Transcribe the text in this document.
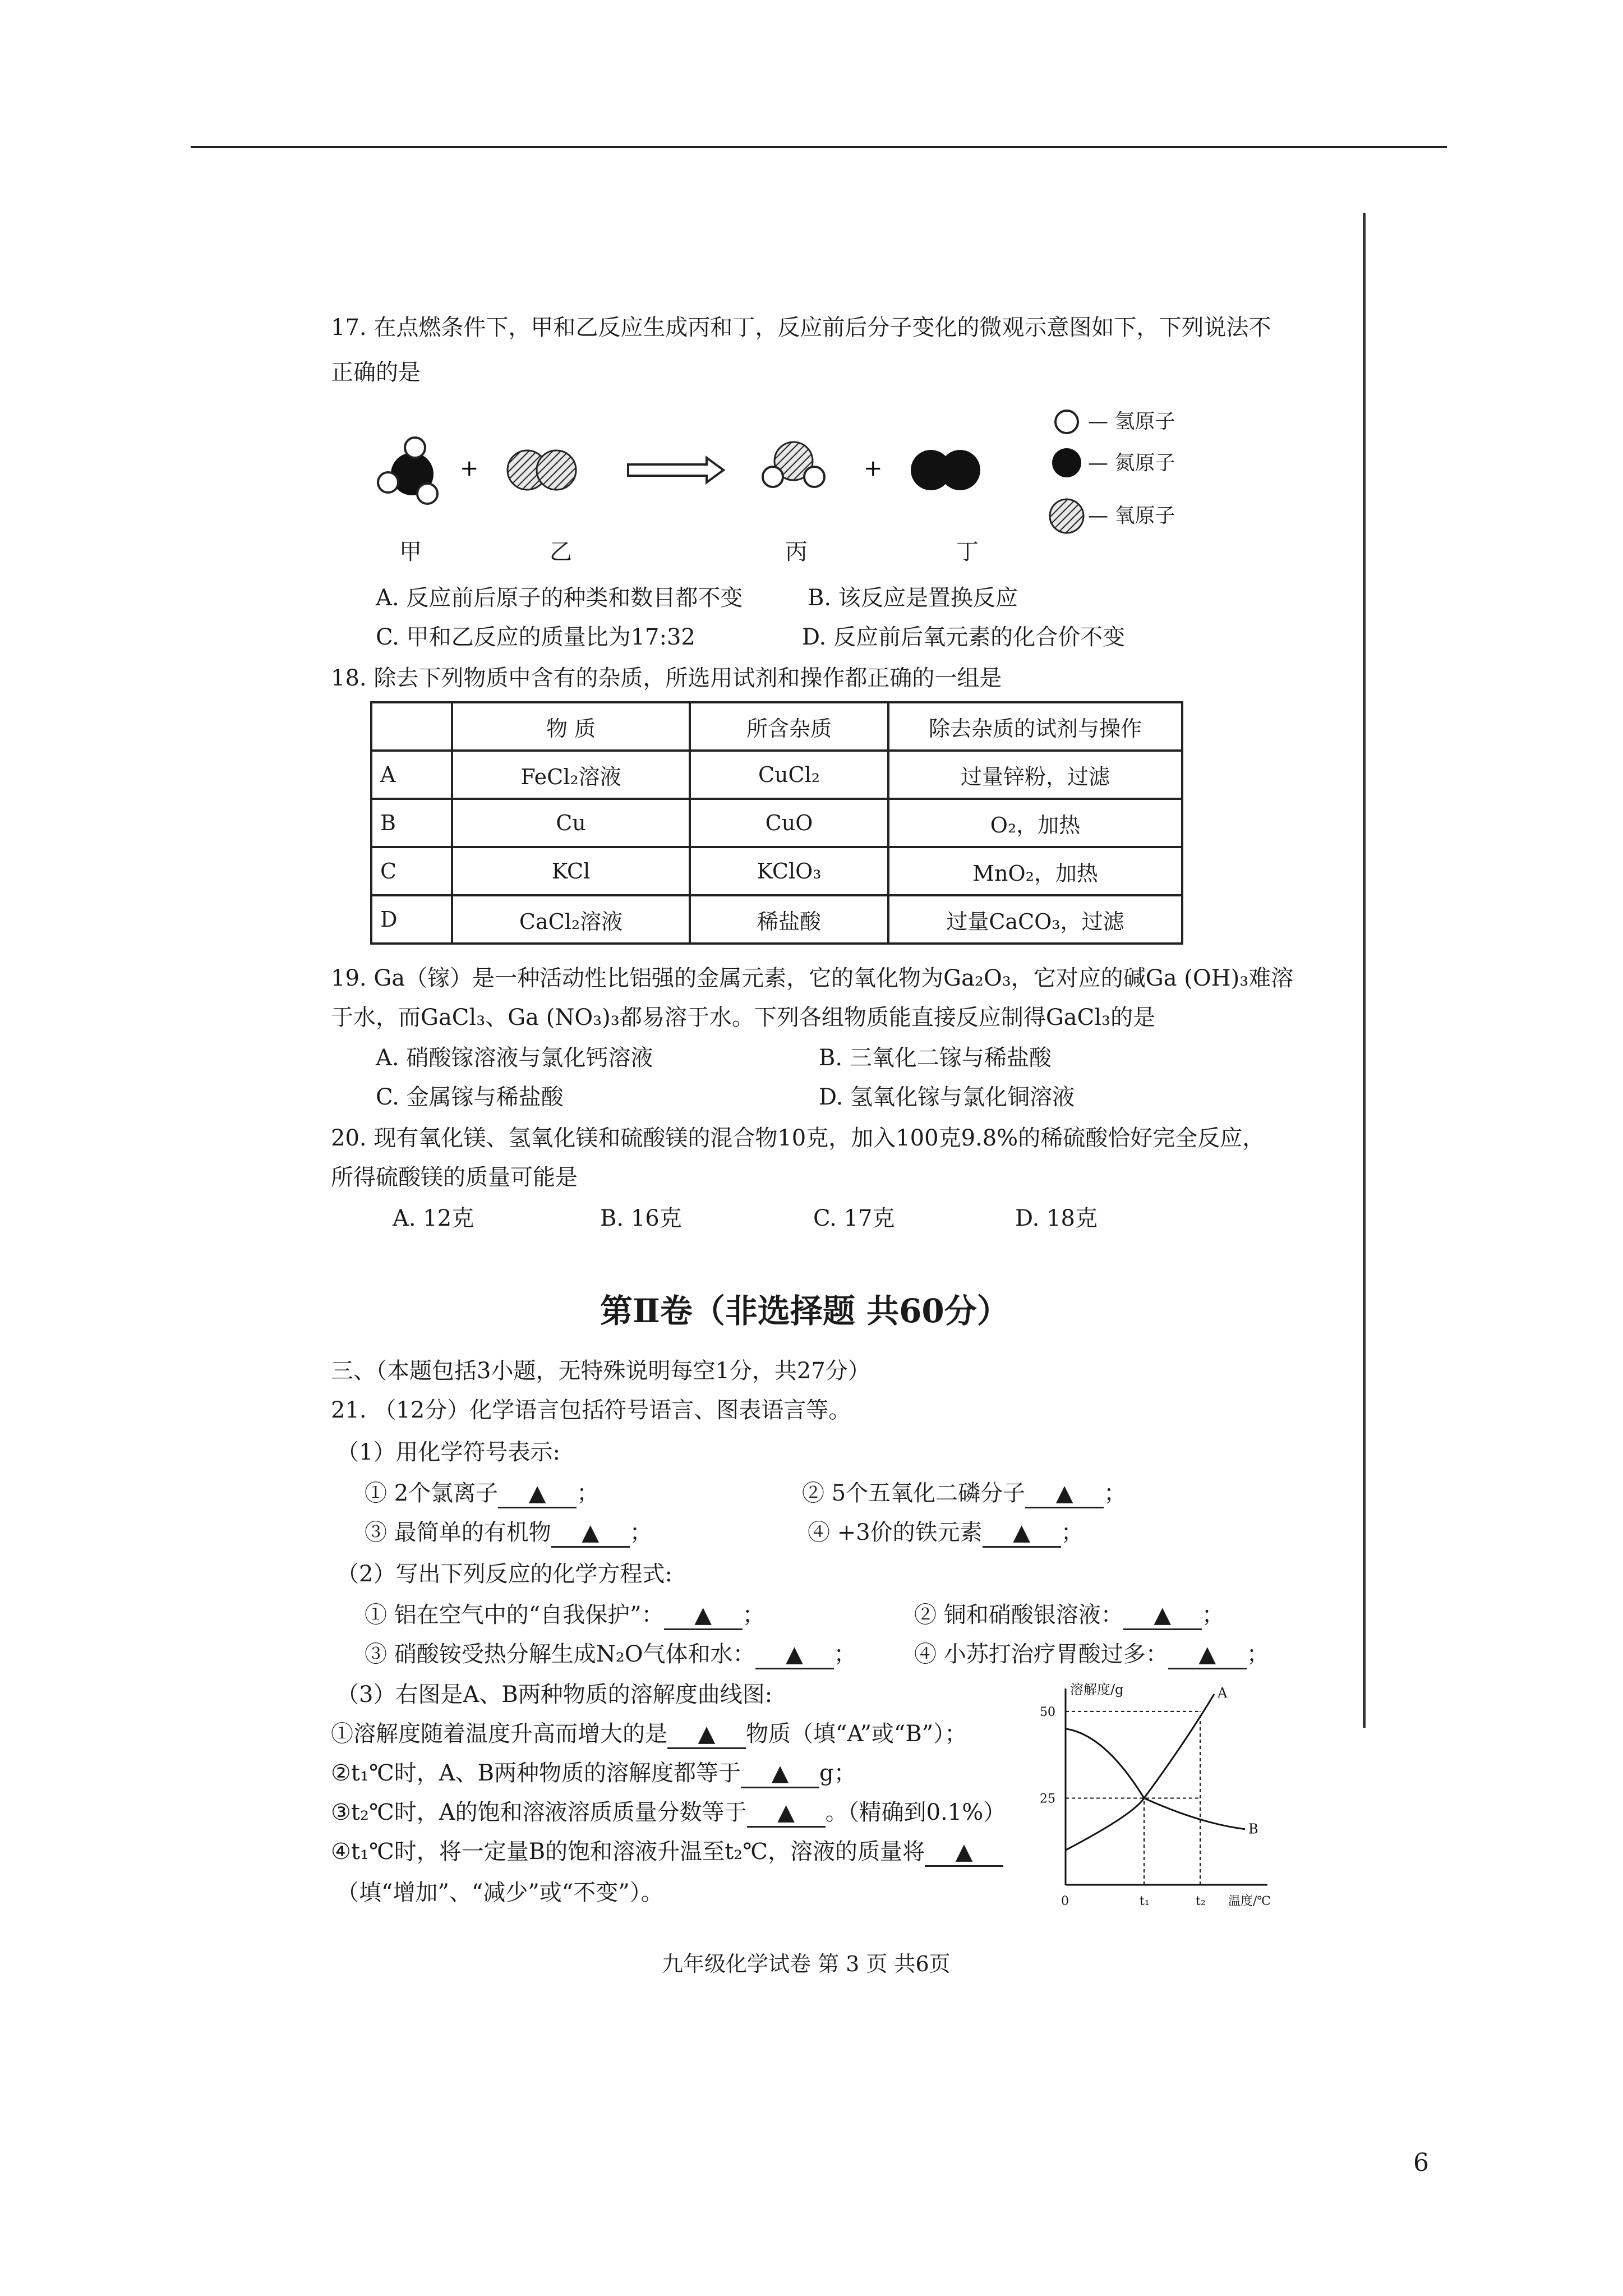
17. 在点燃条件下，甲和乙反应生成丙和丁，反应前后分子变化的微观示意图如下，下列说法不
正确的是
+	+
— 氢原子
— 氮原子
— 氧原子
甲	乙	丙	丁
A. 反应前后原子的种类和数目都不变	B. 该反应是置换反应
C. 甲和乙反应的质量比为17:32	D. 反应前后氧元素的化合价不变
18. 除去下列物质中含有的杂质，所选用试剂和操作都正确的一组是
	物 质	所含杂质	除去杂质的试剂与操作
A	FeCl₂溶液	CuCl₂	过量锌粉，过滤
B	Cu	CuO	O₂，加热
C	KCl	KClO₃	MnO₂，加热
D	CaCl₂溶液	稀盐酸	过量CaCO₃，过滤
19. Ga（镓）是一种活动性比铝强的金属元素，它的氧化物为Ga₂O₃，它对应的碱Ga (OH)₃难溶
于水，而GaCl₃、Ga (NO₃)₃都易溶于水。下列各组物质能直接反应制得GaCl₃的是
A. 硝酸镓溶液与氯化钙溶液	B. 三氧化二镓与稀盐酸
C. 金属镓与稀盐酸	D. 氢氧化镓与氯化铜溶液
20. 现有氧化镁、氢氧化镁和硫酸镁的混合物10克，加入100克9.8%的稀硫酸恰好完全反应，
所得硫酸镁的质量可能是
A. 12克	B. 16克	C. 17克	D. 18克
第Ⅱ卷（非选择题 共60分）
三、（本题包括3小题，无特殊说明每空1分，共27分）
21. （12分）化学语言包括符号语言、图表语言等。
（1）用化学符号表示:
① 2个氯离子 ▲ ；	② 5个五氧化二磷分子 ▲ ；
③ 最简单的有机物 ▲ ；	④ +3价的铁元素 ▲ ；
（2）写出下列反应的化学方程式:
① 铝在空气中的“自我保护”： ▲ ；	② 铜和硝酸银溶液： ▲ ；
③ 硝酸铵受热分解生成N₂O气体和水： ▲ ；	④ 小苏打治疗胃酸过多： ▲ ；
（3）右图是A、B两种物质的溶解度曲线图:
①溶解度随着温度升高而增大的是 ▲ 物质（填“A”或“B”）；
②t₁℃时，A、B两种物质的溶解度都等于 ▲ g；
③t₂℃时，A的饱和溶液溶质质量分数等于 ▲ 。（精确到0.1%）
④t₁℃时，将一定量B的饱和溶液升温至t₂℃，溶液的质量将 ▲
（填“增加”、“减少”或“不变”）。
溶解度/g
温度/℃
0	t₁	t₂
25
50
A
B
九年级化学试卷 第 3 页 共6页
6
